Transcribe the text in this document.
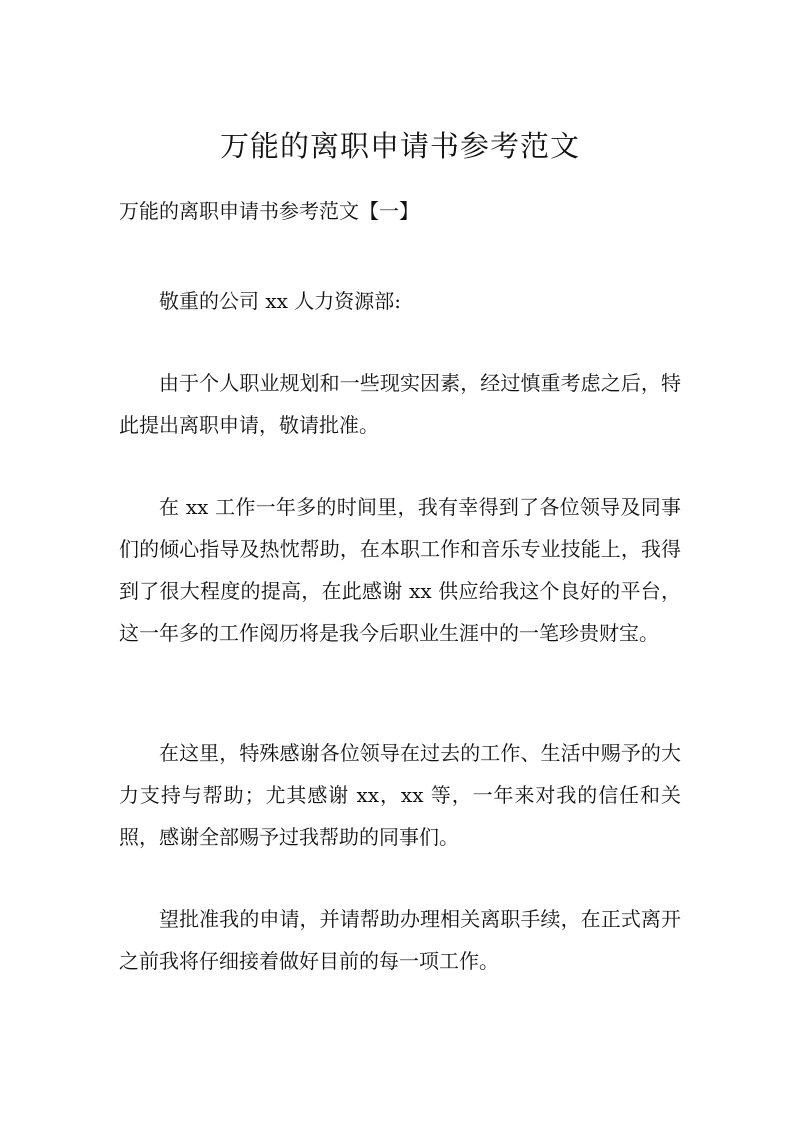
万能的离职申请书参考范文
万能的离职申请书参考范文【一】

敬重的公司 xx 人力资源部:

由于个人职业规划和一些现实因素，经过慎重考虑之后，特此提出离职申请，敬请批准。

在 xx 工作一年多的时间里，我有幸得到了各位领导及同事们的倾心指导及热忱帮助，在本职工作和音乐专业技能上，我得到了很大程度的提高，在此感谢 xx 供应给我这个良好的平台，这一年多的工作阅历将是我今后职业生涯中的一笔珍贵财宝。

在这里，特殊感谢各位领导在过去的工作、生活中赐予的大力支持与帮助；尤其感谢 xx，xx 等，一年来对我的信任和关照，感谢全部赐予过我帮助的同事们。

望批准我的申请，并请帮助办理相关离职手续，在正式离开之前我将仔细接着做好目前的每一项工作。
